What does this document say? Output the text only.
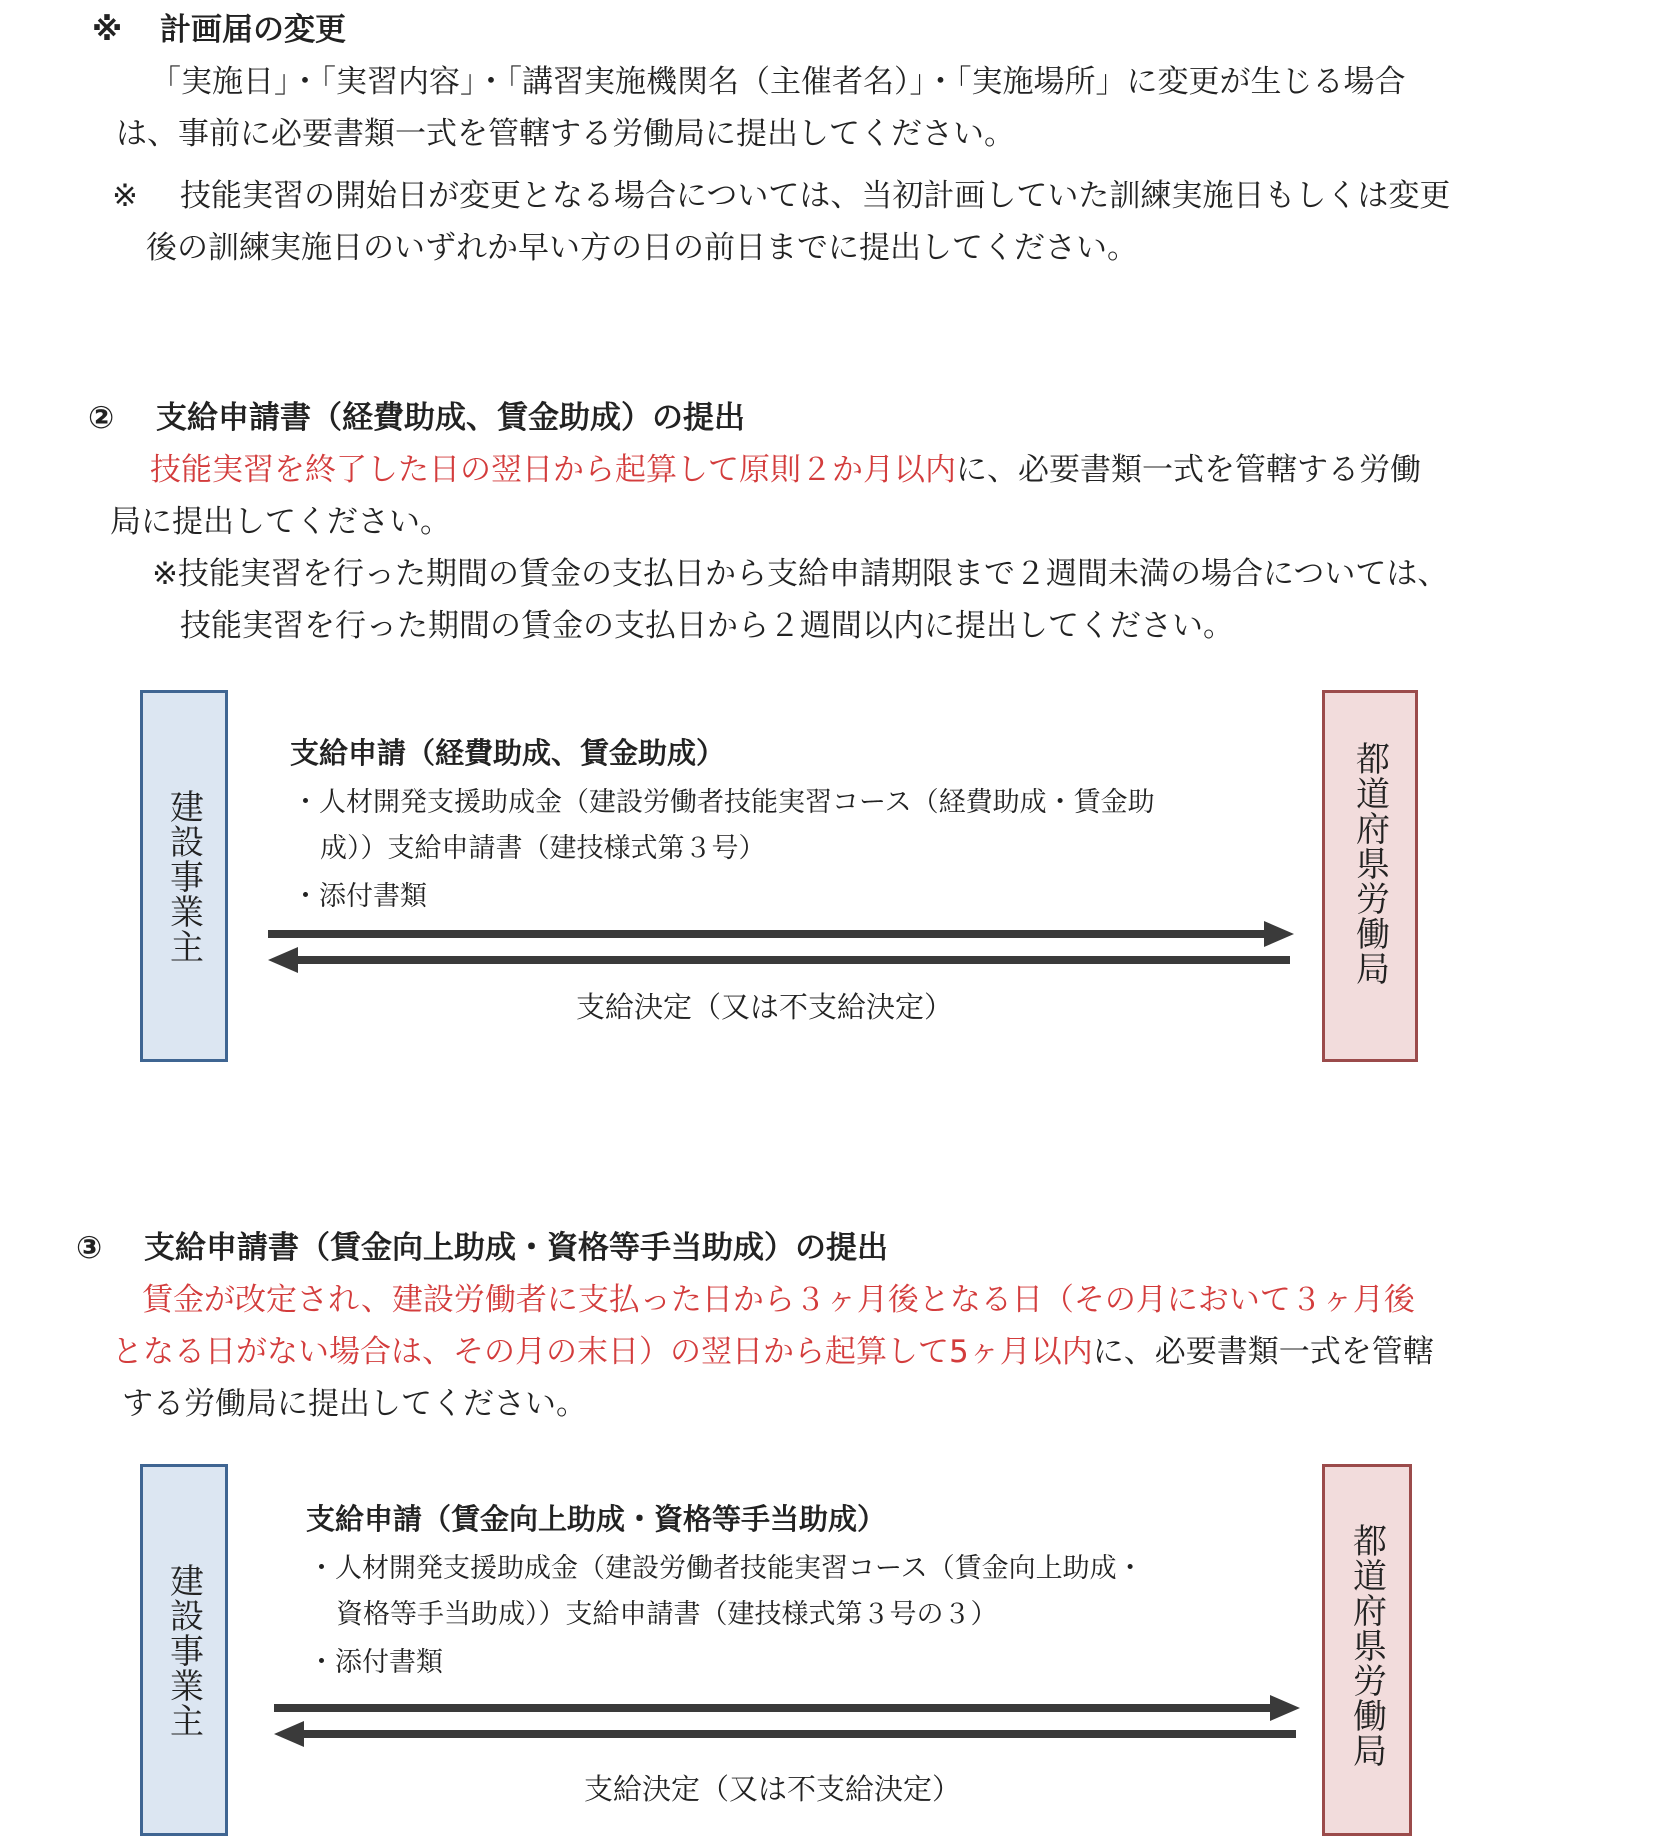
※ 計画届の変更
「実施日」・「実習内容」・「講習実施機関名（主催者名）」・「実施場所」に変更が生じる場合
は、事前に必要書類一式を管轄する労働局に提出してください。
※ 技能実習の開始日が変更となる場合については、当初計画していた訓練実施日もしくは変更
後の訓練実施日のいずれか早い方の日の前日までに提出してください。
② 支給申請書（経費助成、賃金助成）の提出
技能実習を終了した日の翌日から起算して原則２か月以内に、必要書類一式を管轄する労働
局に提出してください。
※技能実習を行った期間の賃金の支払日から支給申請期限まで２週間未満の場合については、
技能実習を行った期間の賃金の支払日から２週間以内に提出してください。
建設事業主	都道府県労働局
支給申請（経費助成、賃金助成）
・人材開発支援助成金（建設労働者技能実習コース（経費助成・賃金助
成））支給申請書（建技様式第３号）
・添付書類
支給決定（又は不支給決定）
③ 支給申請書（賃金向上助成・資格等手当助成）の提出
賃金が改定され、建設労働者に支払った日から３ヶ月後となる日（その月において３ヶ月後
となる日がない場合は、その月の末日）の翌日から起算して5ヶ月以内に、必要書類一式を管轄
する労働局に提出してください。
建設事業主	都道府県労働局
支給申請（賃金向上助成・資格等手当助成）
・人材開発支援助成金（建設労働者技能実習コース（賃金向上助成・
資格等手当助成））支給申請書（建技様式第３号の３）
・添付書類
支給決定（又は不支給決定）
